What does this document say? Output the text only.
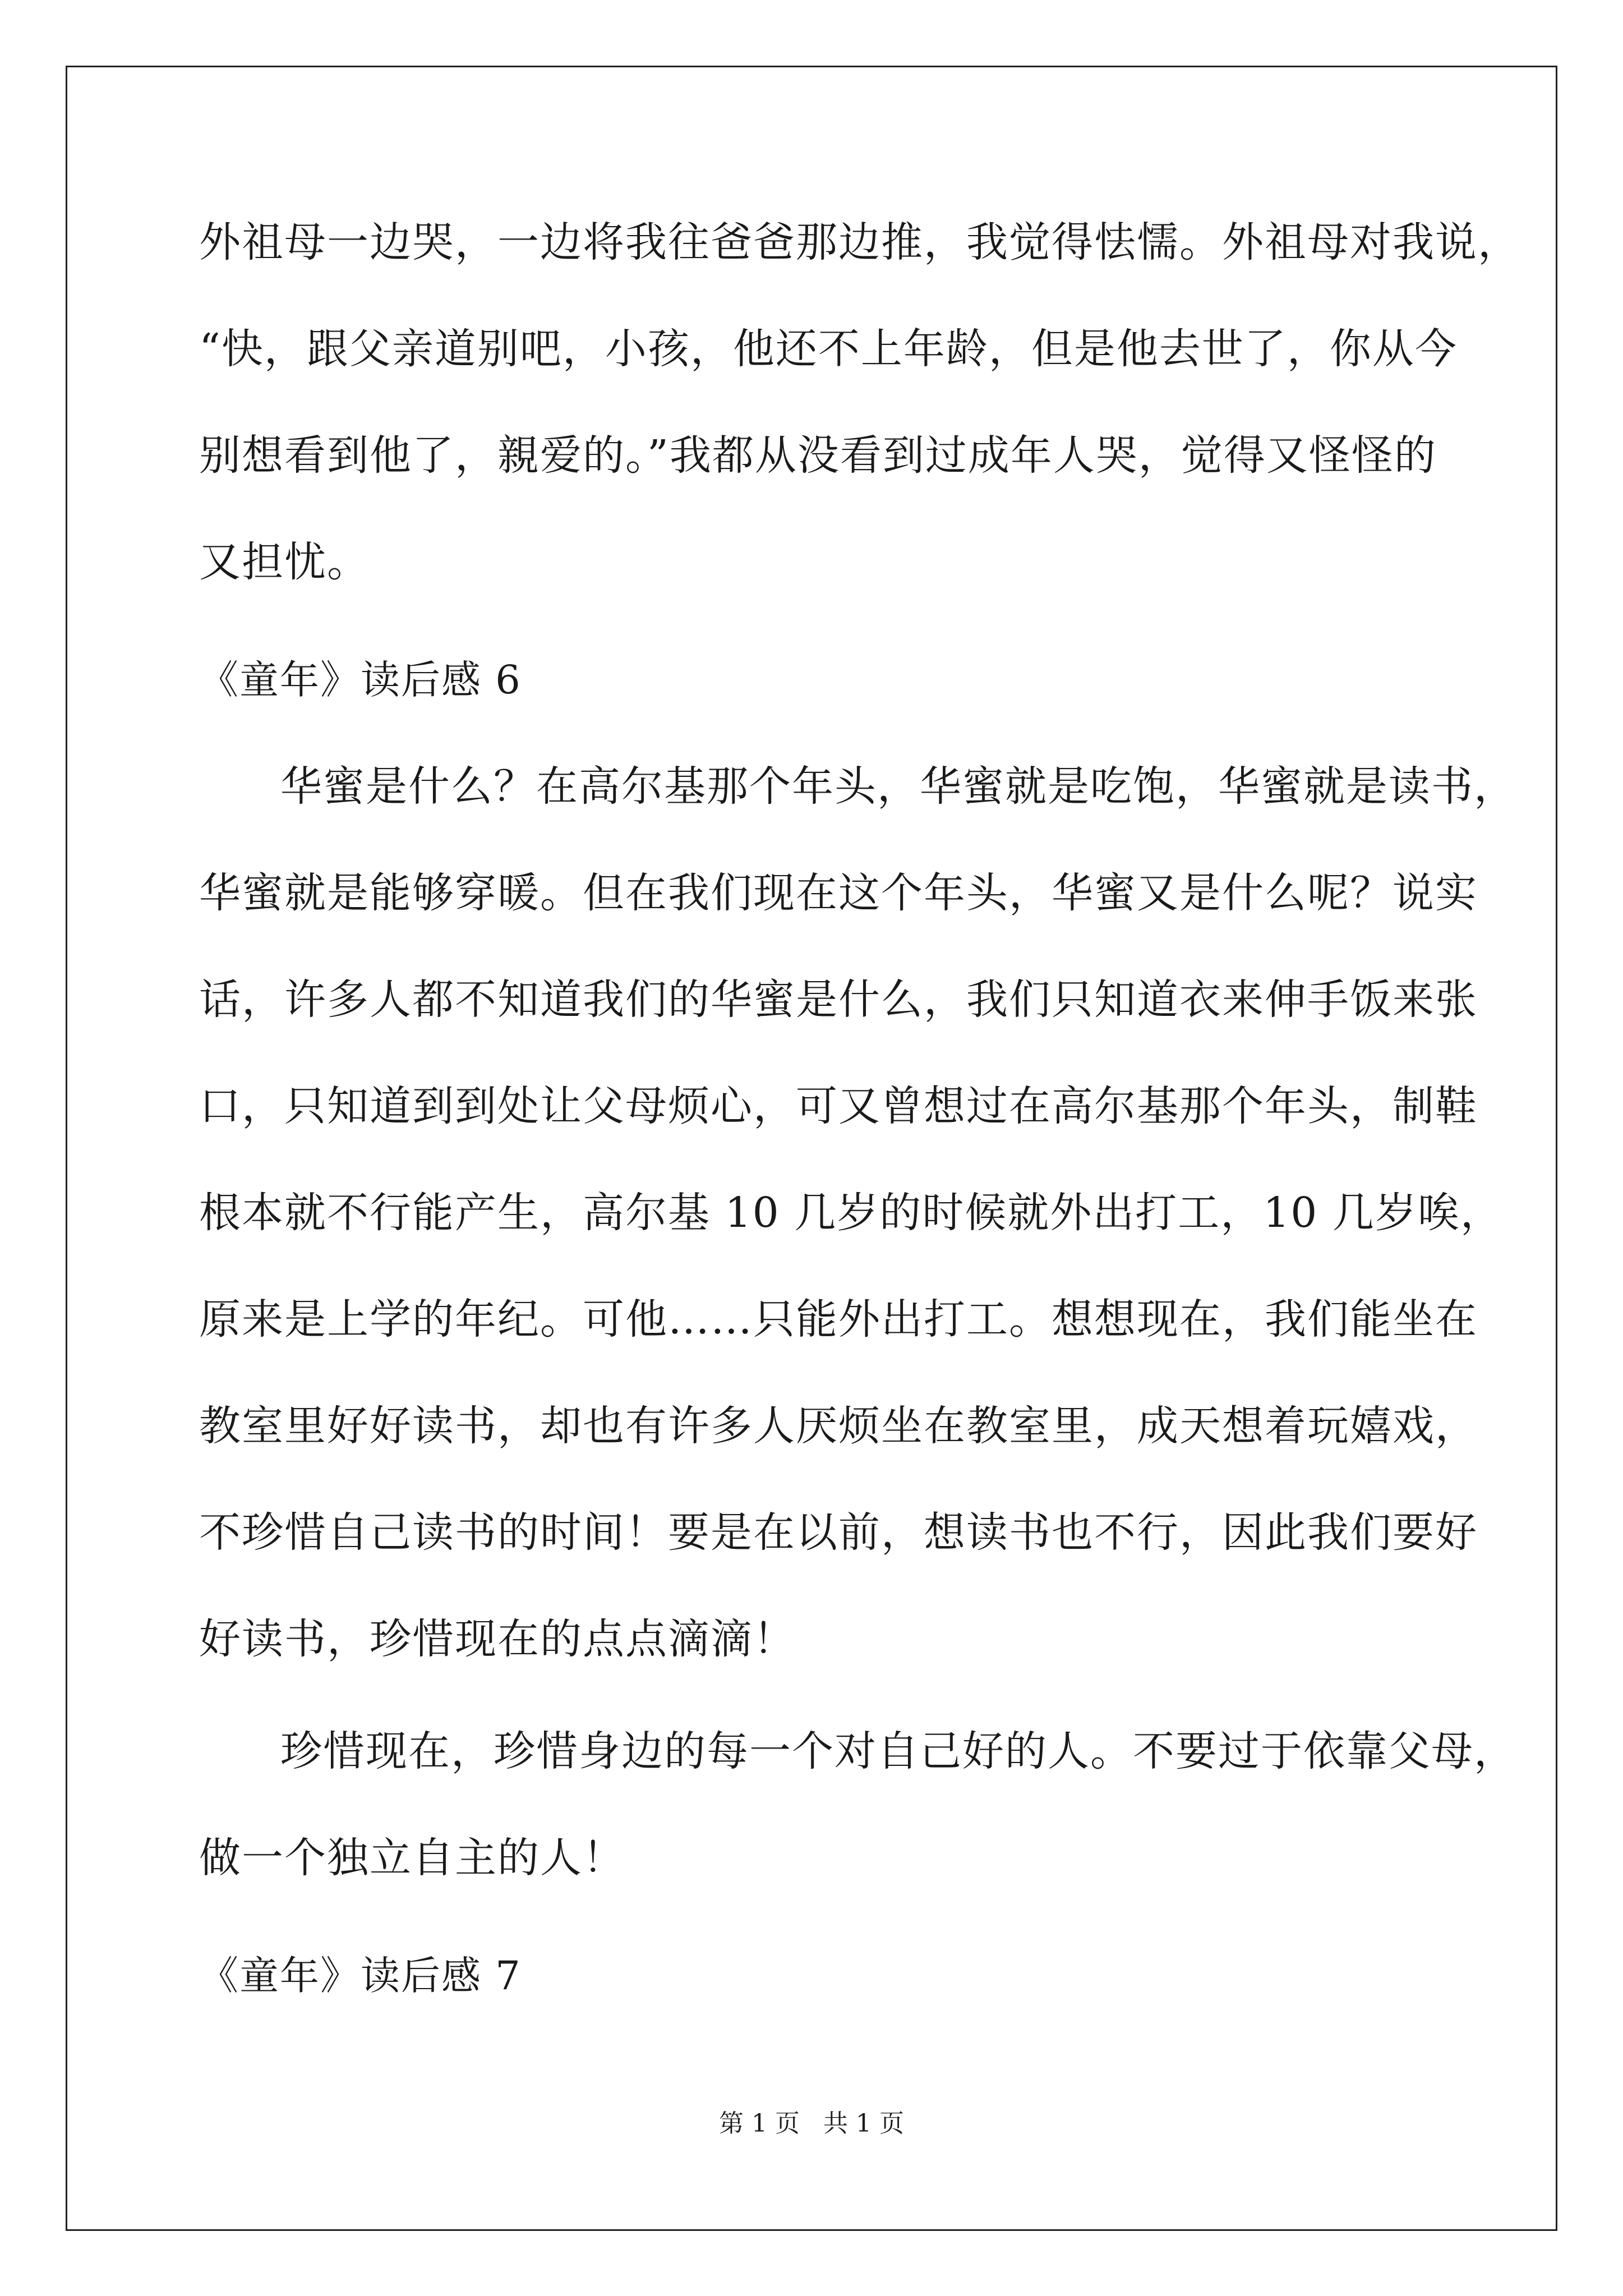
外祖母一边哭，一边将我往爸爸那边推，我觉得怯懦。外祖母对我说，
“快，跟父亲道别吧，小孩，他还不上年龄，但是他去世了，你从今
别想看到他了，親爱的。”我都从没看到过成年人哭，觉得又怪怪的
又担忧。
《童年》读后感 6
华蜜是什么？在高尔基那个年头，华蜜就是吃饱，华蜜就是读书，
华蜜就是能够穿暖。但在我们现在这个年头，华蜜又是什么呢？说实
话，许多人都不知道我们的华蜜是什么，我们只知道衣来伸手饭来张
口，只知道到到处让父母烦心，可又曾想过在高尔基那个年头，制鞋
根本就不行能产生，高尔基 10 几岁的时候就外出打工，10 几岁唉，
原来是上学的年纪。可他……只能外出打工。想想现在，我们能坐在
教室里好好读书，却也有许多人厌烦坐在教室里，成天想着玩嬉戏，
不珍惜自己读书的时间！要是在以前，想读书也不行，因此我们要好
好读书，珍惜现在的点点滴滴！
珍惜现在，珍惜身边的每一个对自己好的人。不要过于依靠父母，
做一个独立自主的人！
《童年》读后感 7
第 1 页   共 1 页
